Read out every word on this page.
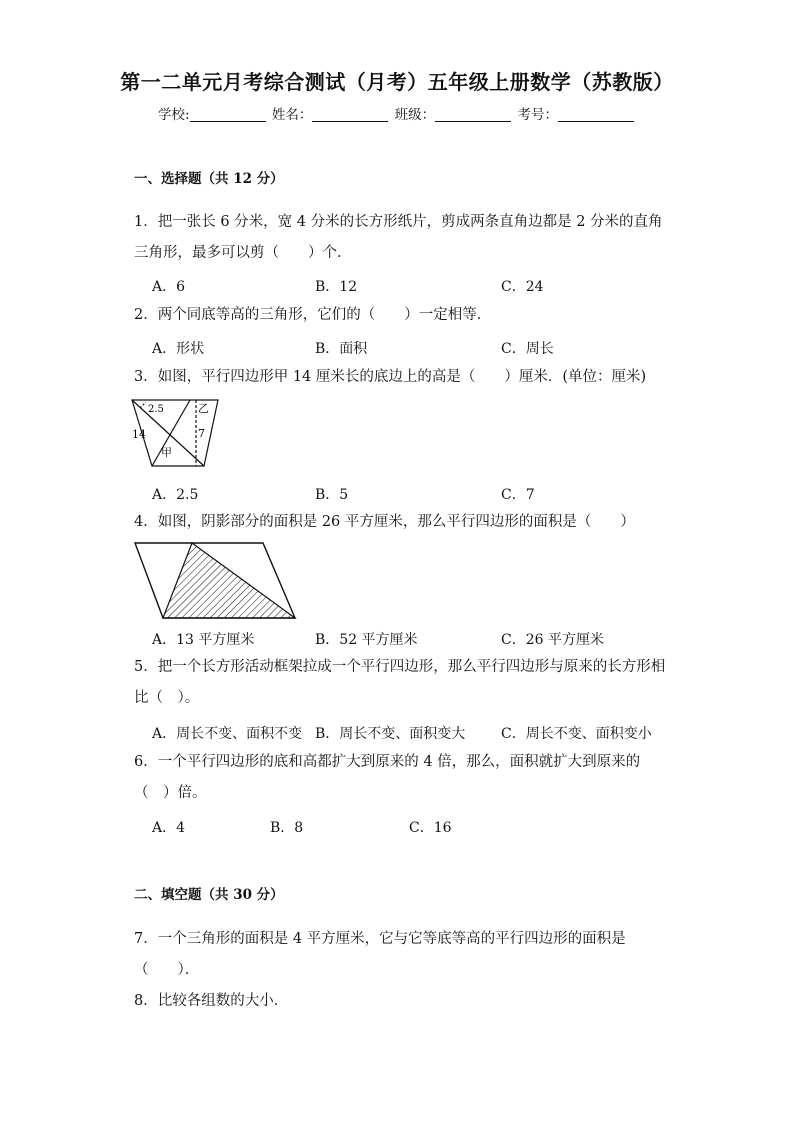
第一二单元月考综合测试（月考）五年级上册数学（苏教版）
学校:	姓名：	班级：	考号：
一、选择题（共 12 分）
1．把一张长 6 分米，宽 4 分米的长方形纸片，剪成两条直角边都是 2 分米的直角三角形，最多可以剪（　　）个．
A．6	B．12	C．24
2．两个同底等高的三角形，它们的（　　）一定相等．
A．形状	B．面积	C．周长
3．如图，平行四边形甲 14 厘米长的底边上的高是（　　）厘米．(单位：厘米)
2.5	乙
14	7
甲
A．2.5	B．5	C．7
4．如图，阴影部分的面积是 26 平方厘米，那么平行四边形的面积是（　　）
A．13 平方厘米	B．52 平方厘米	C．26 平方厘米
5．把一个长方形活动框架拉成一个平行四边形，那么平行四边形与原来的长方形相比（　）。
A．周长不变、面积不变 B．周长不变、面积变大	C．周长不变、面积变小
6．一个平行四边形的底和高都扩大到原来的 4 倍，那么，面积就扩大到原来的（　）倍。
A．4	B．8	C．16
二、填空题（共 30 分）
7．一个三角形的面积是 4 平方厘米，它与它等底等高的平行四边形的面积是（　　）．
8．比较各组数的大小．
